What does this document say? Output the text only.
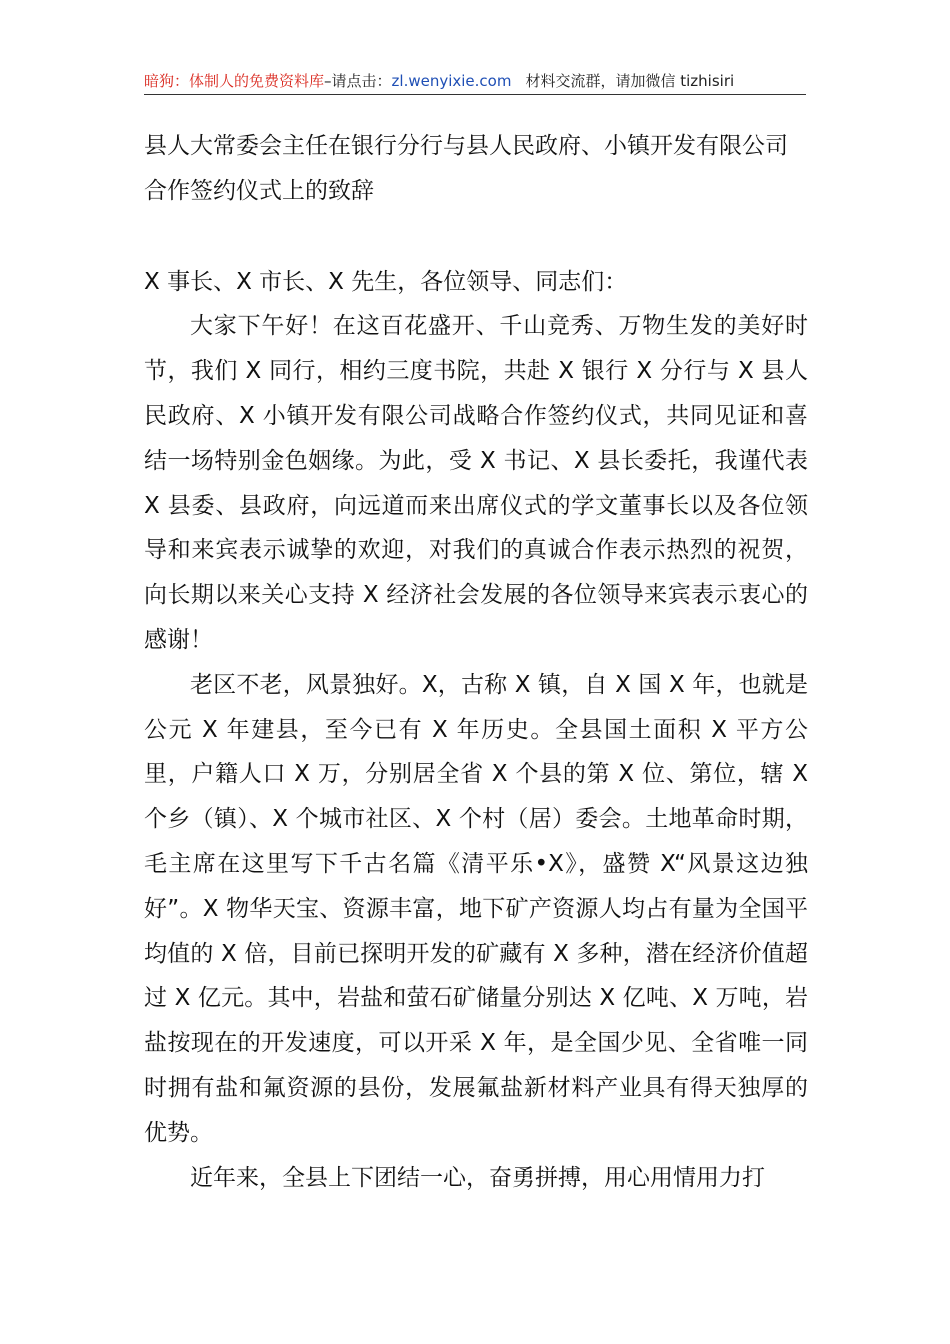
暗狗：体制人的免费资料库–请点击：zl.wenyixie.com 材料交流群，请加微信 tizhisiri
县人大常委会主任在银行分行与县人民政府、小镇开发有限公司合作签约仪式上的致辞

X 事长、X 市长、X 先生，各位领导、同志们：

大家下午好！在这百花盛开、千山竞秀、万物生发的美好时节，我们 X 同行，相约三度书院，共赴 X 银行 X 分行与 X 县人民政府、X 小镇开发有限公司战略合作签约仪式，共同见证和喜结一场特别金色姻缘。为此，受 X 书记、X 县长委托，我谨代表 X 县委、县政府，向远道而来出席仪式的学文董事长以及各位领导和来宾表示诚挚的欢迎，对我们的真诚合作表示热烈的祝贺，向长期以来关心支持 X 经济社会发展的各位领导来宾表示衷心的感谢！

老区不老，风景独好。X，古称 X 镇，自 X 国 X 年，也就是公元 X 年建县，至今已有 X 年历史。全县国土面积 X 平方公里，户籍人口 X 万，分别居全省 X 个县的第 X 位、第位，辖 X 个乡（镇）、X 个城市社区、X 个村（居）委会。土地革命时期，毛主席在这里写下千古名篇《清平乐•X》，盛赞 X“风景这边独好”。X 物华天宝、资源丰富，地下矿产资源人均占有量为全国平均值的 X 倍，目前已探明开发的矿藏有 X 多种，潜在经济价值超过 X 亿元。其中，岩盐和萤石矿储量分别达 X 亿吨、X 万吨，岩盐按现在的开发速度，可以开采 X 年，是全国少见、全省唯一同时拥有盐和氟资源的县份，发展氟盐新材料产业具有得天独厚的优势。

近年来，全县上下团结一心，奋勇拼搏，用心用情用力打
